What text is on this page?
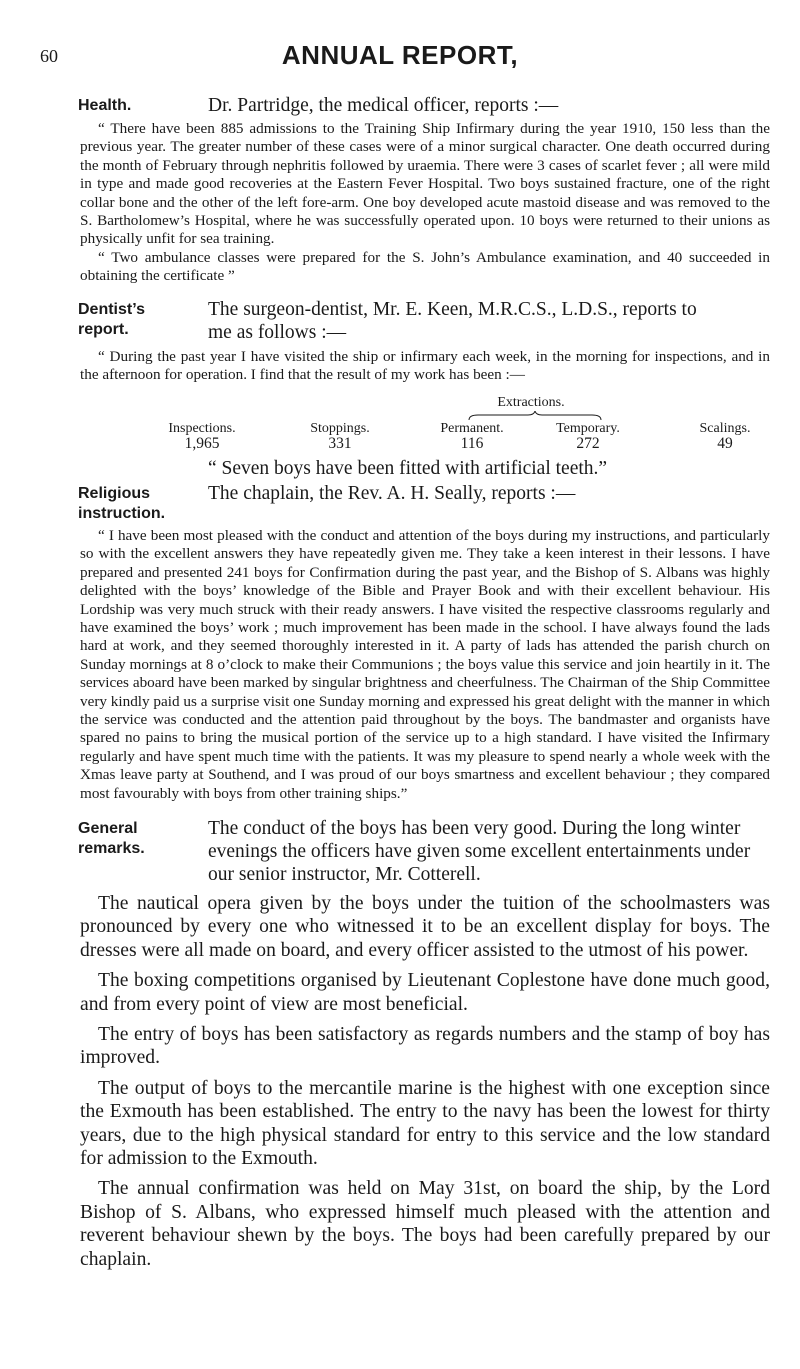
60	ANNUAL REPORT,
Health.	Dr. Partridge, the medical officer, reports :—

“ There have been 885 admissions to the Training Ship Infirmary during the year 1910, 150 less than the previous year. The greater number of these cases were of a minor surgical character. One death occurred during the month of February through nephritis followed by uraemia. There were 3 cases of scarlet fever ; all were mild in type and made good recoveries at the Eastern Fever Hospital. Two boys sustained fracture, one of the right collar bone and the other of the left fore-arm. One boy developed acute mastoid disease and was removed to the S. Bartholomew’s Hospital, where he was successfully operated upon. 10 boys were returned to their unions as physically unfit for sea training.

“ Two ambulance classes were prepared for the S. John’s Ambulance examination, and 40 succeeded in obtaining the certificate ”

Dentist’s
report.
The surgeon-dentist, Mr. E. Keen, M.R.C.S., L.D.S., reports to
me as follows :—

“ During the past year I have visited the ship or infirmary each week, in the morning for inspections, and in the afternoon for operation. I find that the result of my work has been :—

Extractions.
Inspections.
1,965
Stoppings.
331
Permanent.
116
Temporary.
272
Scalings.
49
“ Seven boys have been fitted with artificial teeth.”
Religious
instruction.
The chaplain, the Rev. A. H. Seally, reports :—

“ I have been most pleased with the conduct and attention of the boys during my instructions, and particularly so with the excellent answers they have repeatedly given me. They take a keen interest in their lessons. I have prepared and presented 241 boys for Confirmation during the past year, and the Bishop of S. Albans was highly delighted with the boys’ knowledge of the Bible and Prayer Book and with their excellent behaviour. His Lordship was very much struck with their ready answers. I have visited the respective classrooms regularly and have examined the boys’ work ; much improvement has been made in the school. I have always found the lads hard at work, and they seemed thoroughly interested in it. A party of lads has attended the parish church on Sunday mornings at 8 o’clock to make their Communions ; the boys value this service and join heartily in it. The services aboard have been marked by singular brightness and cheerfulness. The Chairman of the Ship Committee very kindly paid us a surprise visit one Sunday morning and expressed his great delight with the manner in which the service was conducted and the attention paid throughout by the boys. The bandmaster and organists have spared no pains to bring the musical portion of the service up to a high standard. I have visited the Infirmary regularly and have spent much time with the patients. It was my pleasure to spend nearly a whole week with the Xmas leave party at Southend, and I was proud of our boys smartness and excellent behaviour ; they compared most favourably with boys from other training ships.”

General
remarks.
The conduct of the boys has been very good. During the long winter evenings the officers have given some excellent entertainments under our senior instructor, Mr. Cotterell.

The nautical opera given by the boys under the tuition of the schoolmasters was pronounced by every one who witnessed it to be an excellent display for boys. The dresses were all made on board, and every officer assisted to the utmost of his power.

The boxing competitions organised by Lieutenant Coplestone have done much good, and from every point of view are most beneficial.

The entry of boys has been satisfactory as regards numbers and the stamp of boy has improved.

The output of boys to the mercantile marine is the highest with one exception since the Exmouth has been established. The entry to the navy has been the lowest for thirty years, due to the high physical standard for entry to this service and the low standard for admission to the Exmouth.

The annual confirmation was held on May 31st, on board the ship, by the Lord Bishop of S. Albans, who expressed himself much pleased with the attention and reverent behaviour shewn by the boys. The boys had been carefully prepared by our chaplain.
